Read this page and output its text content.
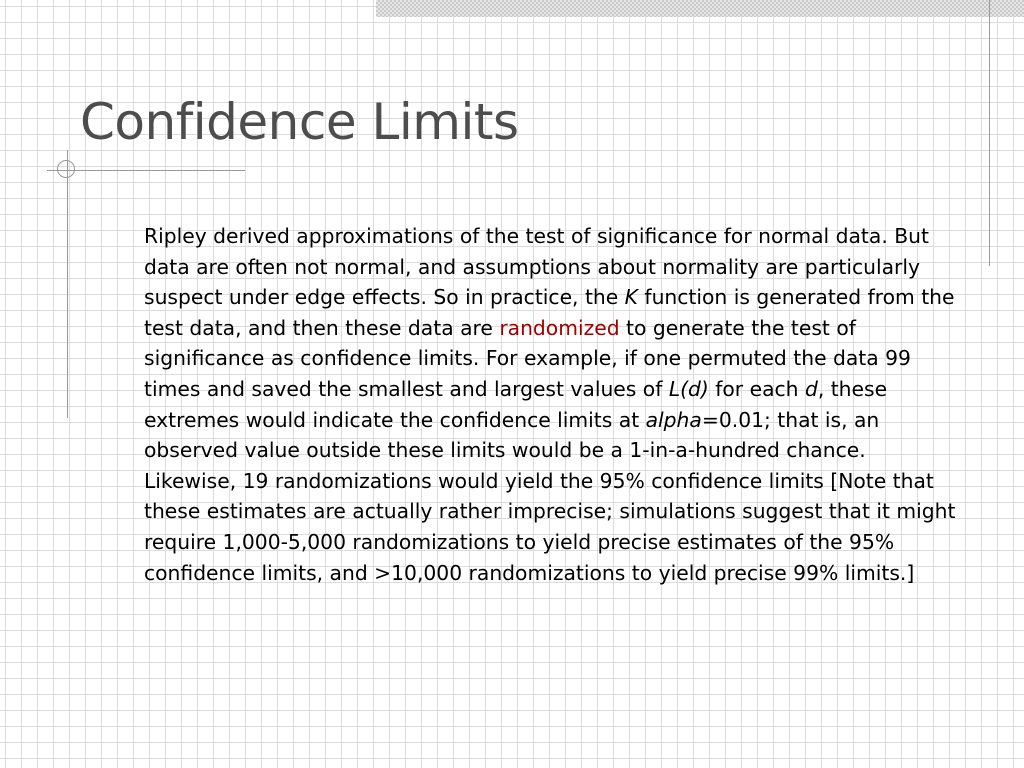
Confidence Limits

Ripley derived approximations of the test of significance for normal data. But data are often not normal, and assumptions about normality are particularly suspect under edge effects. So in practice, the K function is generated from the test data, and then these data are randomized to generate the test of significance as confidence limits. For example, if one permuted the data 99 times and saved the smallest and largest values of L(d) for each d, these extremes would indicate the confidence limits at alpha=0.01; that is, an observed value outside these limits would be a 1-in-a-hundred chance. Likewise, 19 randomizations would yield the 95% confidence limits [Note that these estimates are actually rather imprecise; simulations suggest that it might require 1,000-5,000 randomizations to yield precise estimates of the 95% confidence limits, and >10,000 randomizations to yield precise 99% limits.]
